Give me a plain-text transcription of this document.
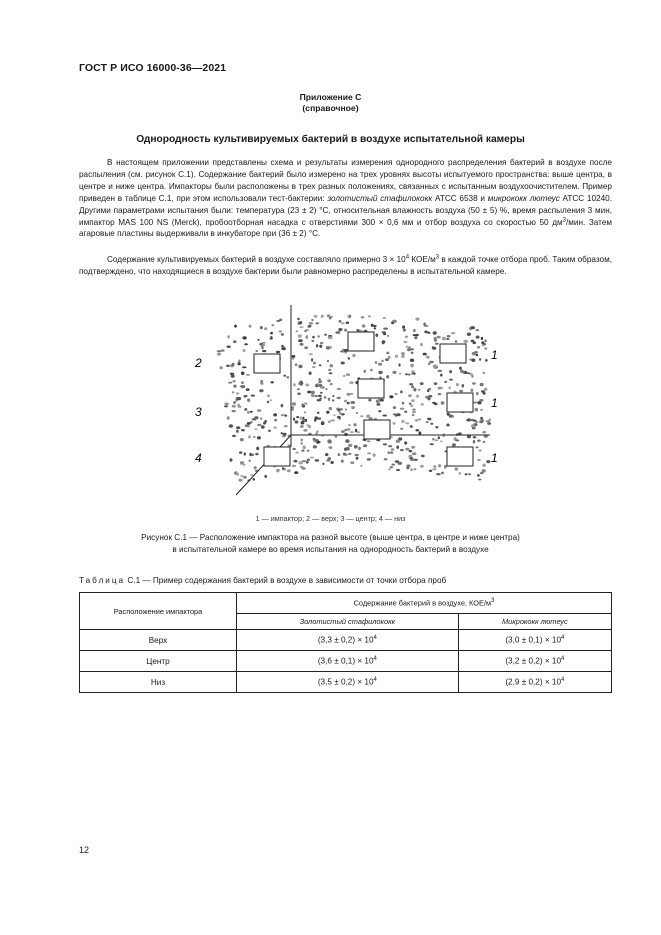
ГОСТ Р ИСО 16000-36—2021
Приложение С
(справочное)
Однородность культивируемых бактерий в воздухе испытательной камеры
В настоящем приложении представлены схема и результаты измерения однородного распределения бактерий в воздухе после распыления (см. рисунок С.1). Содержание бактерий было измерено на трех уровнях высоты испытуемого пространства: выше центра, в центре и ниже центра. Импакторы были расположены в трех разных положениях, связанных с испытанным воздухоочистителем. Пример приведен в таблице С.1, при этом использовали тест-бактерии: золотистый стафилококк АТСС 6538 и микрококк лютеус АТСС 10240. Другими параметрами испытания были: температура (23 ± 2) °С, относительная влажность воздуха (50 ± 5) %, время распыления 3 мин, импактор MAS 100 NS (Merck), пробоотборная насадка с отверстиями 300 × 0,6 мм и отбор воздуха со скоростью 50 $дм^3$/мин. Затем агаровые пластины выдерживали в инкубаторе при (36 ± 2) °С.
Содержание культивируемых бактерий в воздухе составляло примерно $3 \times 10^4$ КОЕ/$м^3$ в каждой точке отбора проб. Таким образом, подтверждено, что находящиеся в воздухе бактерии были равномерно распределены в испытательной камере.
2
3
4
1
1
1
1 — импактор; 2 — верх; 3 — центр; 4 — низ
Рисунок С.1 — Расположение импактора на разной высоте (выше центра, в центре и ниже центра)
в испытательной камере во время испытания на однородность бактерий в воздухе
Таблица С.1 — Пример содержания бактерий в воздухе в зависимости от точки отбора проб
Расположение импактора	Содержание бактерий в воздухе, КОЕ/$м^3$
	Золотистый стафилококк	Микрококк лютеус
Верх	$(3,3 \pm 0,2) \times 10^4$	$(3,0 \pm 0,1) \times 10^4$
Центр	$(3,6 \pm 0,1) \times 10^4$	$(3,2 \pm 0,2) \times 10^4$
Низ	$(3,5 \pm 0,2) \times 10^4$	$(2,9 \pm 0,2) \times 10^4$
12
